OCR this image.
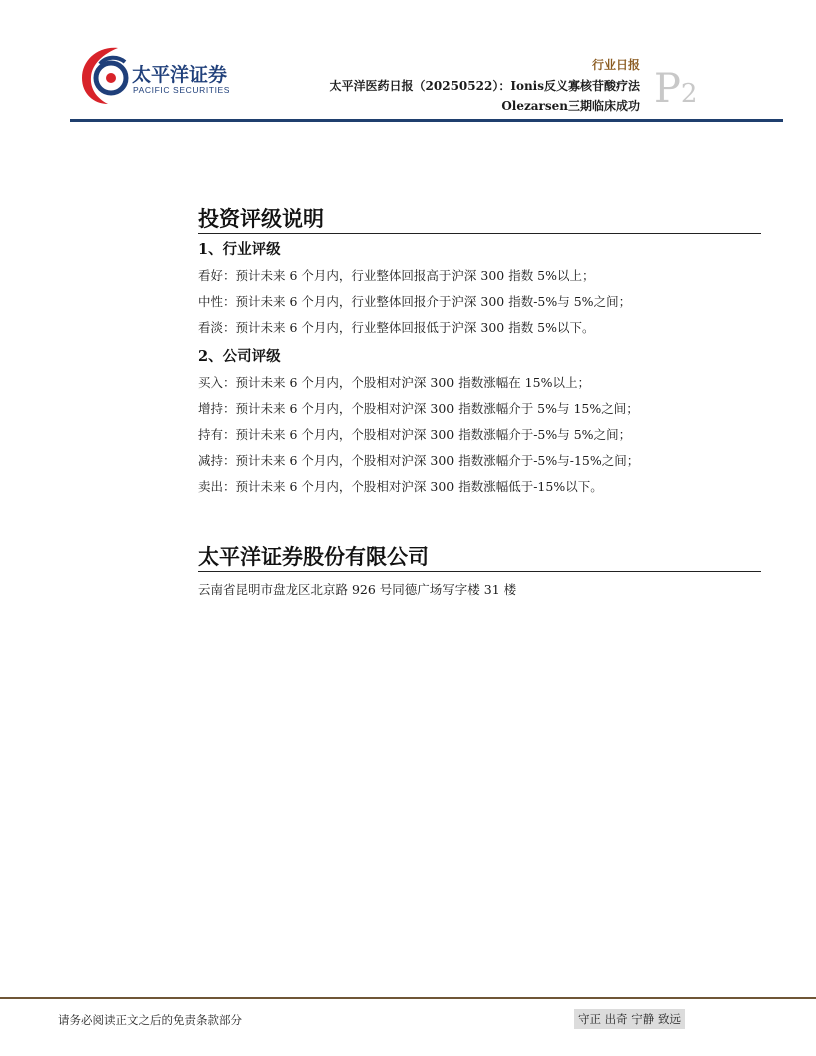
太平洋证券
PACIFIC SECURITIES
行业日报
太平洋医药日报（20250522）：Ionis反义寡核苷酸疗法
Olezarsen三期临床成功 P2
投资评级说明
1、行业评级
看好：预计未来 6 个月内，行业整体回报高于沪深 300 指数 5%以上；
中性：预计未来 6 个月内，行业整体回报介于沪深 300 指数-5%与 5%之间；
看淡：预计未来 6 个月内，行业整体回报低于沪深 300 指数 5%以下。
2、公司评级
买入：预计未来 6 个月内，个股相对沪深 300 指数涨幅在 15%以上；
增持：预计未来 6 个月内，个股相对沪深 300 指数涨幅介于 5%与 15%之间；
持有：预计未来 6 个月内，个股相对沪深 300 指数涨幅介于-5%与 5%之间；
减持：预计未来 6 个月内，个股相对沪深 300 指数涨幅介于-5%与-15%之间；
卖出：预计未来 6 个月内，个股相对沪深 300 指数涨幅低于-15%以下。
太平洋证券股份有限公司
云南省昆明市盘龙区北京路 926 号同德广场写字楼 31 楼
请务必阅读正文之后的免责条款部分	守正 出奇 宁静 致远
